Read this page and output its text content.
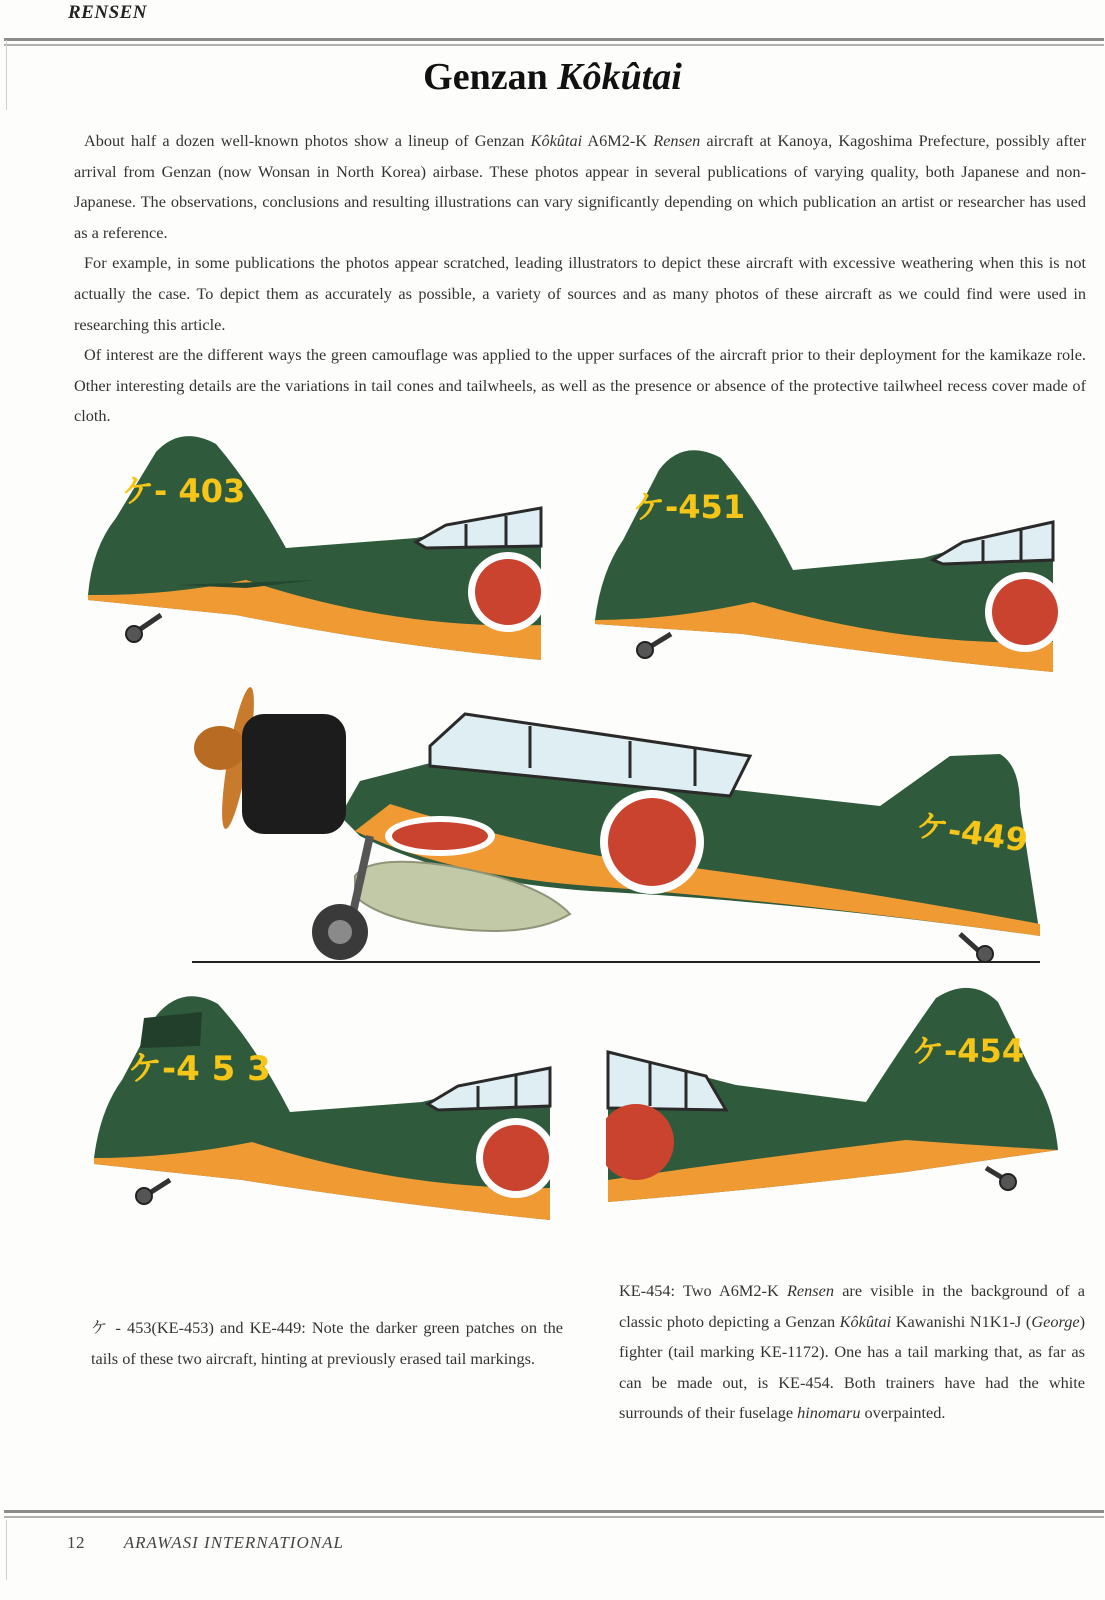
RENSEN
Genzan Kôkûtai

About half a dozen well-known photos show a lineup of Genzan Kôkûtai A6M2-K Rensen aircraft at Kanoya, Kagoshima Prefecture, possibly after arrival from Genzan (now Wonsan in North Korea) airbase. These photos appear in several publications of varying quality, both Japanese and non-Japanese. The observations, conclusions and resulting illustrations can vary significantly depending on which publication an artist or researcher has used as a reference.

For example, in some publications the photos appear scratched, leading illustrators to depict these aircraft with excessive weathering when this is not actually the case. To depict them as accurately as possible, a variety of sources and as many photos of these aircraft as we could find were used in researching this article.

Of interest are the different ways the green camouflage was applied to the upper surfaces of the aircraft prior to their deployment for the kamikaze role. Other interesting details are the variations in tail cones and tailwheels, as well as the presence or absence of the protective tailwheel recess cover made of cloth.

ケ- 403	ケ-451
ケ-449
ケ-4 5 3	ケ-454
ケ - 453(KE-453) and KE-449: Note the darker green patches on the tails of these two aircraft, hinting at previously erased tail markings.
KE-454: Two A6M2-K Rensen are visible in the background of a classic photo depicting a Genzan Kôkûtai Kawanishi N1K1-J (George) fighter (tail marking KE-1172). One has a tail marking that, as far as can be made out, is KE-454. Both trainers have had the white surrounds of their fuselage hinomaru overpainted.
12 ARAWASI INTERNATIONAL
